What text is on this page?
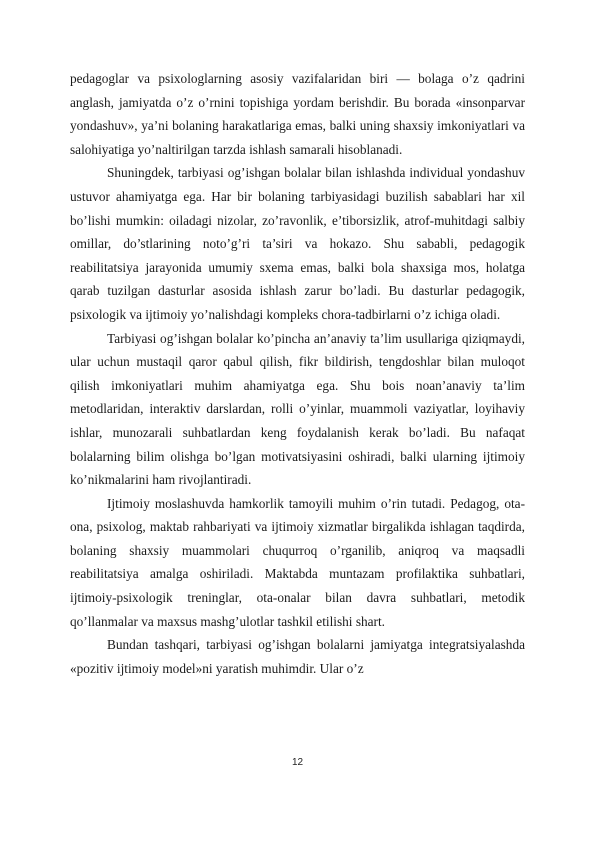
pedagoglar va psixologlarning asosiy vazifalaridan biri — bolaga o’z qadrini anglash, jamiyatda o’z o’rnini topishiga yordam berishdir. Bu borada «insonparvar yondashuv», ya’ni bolaning harakatlariga emas, balki uning shaxsiy imkoniyatlari va salohiyatiga yo’naltirilgan tarzda ishlash samarali hisoblanadi.

Shuningdek, tarbiyasi og’ishgan bolalar bilan ishlashda individual yondashuv ustuvor ahamiyatga ega. Har bir bolaning tarbiyasidagi buzilish sabablari har xil bo’lishi mumkin: oiladagi nizolar, zo’ravonlik, e’tiborsizlik, atrof-muhitdagi salbiy omillar, do’stlarining noto’g’ri ta’siri va hokazo. Shu sababli, pedagogik reabilitatsiya jarayonida umumiy sxema emas, balki bola shaxsiga mos, holatga qarab tuzilgan dasturlar asosida ishlash zarur bo’ladi. Bu dasturlar pedagogik, psixologik va ijtimoiy yo’nalishdagi kompleks chora-tadbirlarni o’z ichiga oladi.

Tarbiyasi og’ishgan bolalar ko’pincha an’anaviy ta’lim usullariga qiziqmaydi, ular uchun mustaqil qaror qabul qilish, fikr bildirish, tengdoshlar bilan muloqot qilish imkoniyatlari muhim ahamiyatga ega. Shu bois noan’anaviy ta’lim metodlaridan, interaktiv darslardan, rolli o’yinlar, muammoli vaziyatlar, loyihaviy ishlar, munozarali suhbatlardan keng foydalanish kerak bo’ladi. Bu nafaqat bolalarning bilim olishga bo’lgan motivatsiyasini oshiradi, balki ularning ijtimoiy ko’nikmalarini ham rivojlantiradi.

Ijtimoiy moslashuvda hamkorlik tamoyili muhim o’rin tutadi. Pedagog, ota-ona, psixolog, maktab rahbariyati va ijtimoiy xizmatlar birgalikda ishlagan taqdirda, bolaning shaxsiy muammolari chuqurroq o’rganilib, aniqroq va maqsadli reabilitatsiya amalga oshiriladi. Maktabda muntazam profilaktika suhbatlari, ijtimoiy-psixologik treninglar, ota-onalar bilan davra suhbatlari, metodik qo’llanmalar va maxsus mashg’ulotlar tashkil etilishi shart.

Bundan tashqari, tarbiyasi og’ishgan bolalarni jamiyatga integratsiyalashda «pozitiv ijtimoiy model»ni yaratish muhimdir. Ular o’z

12
